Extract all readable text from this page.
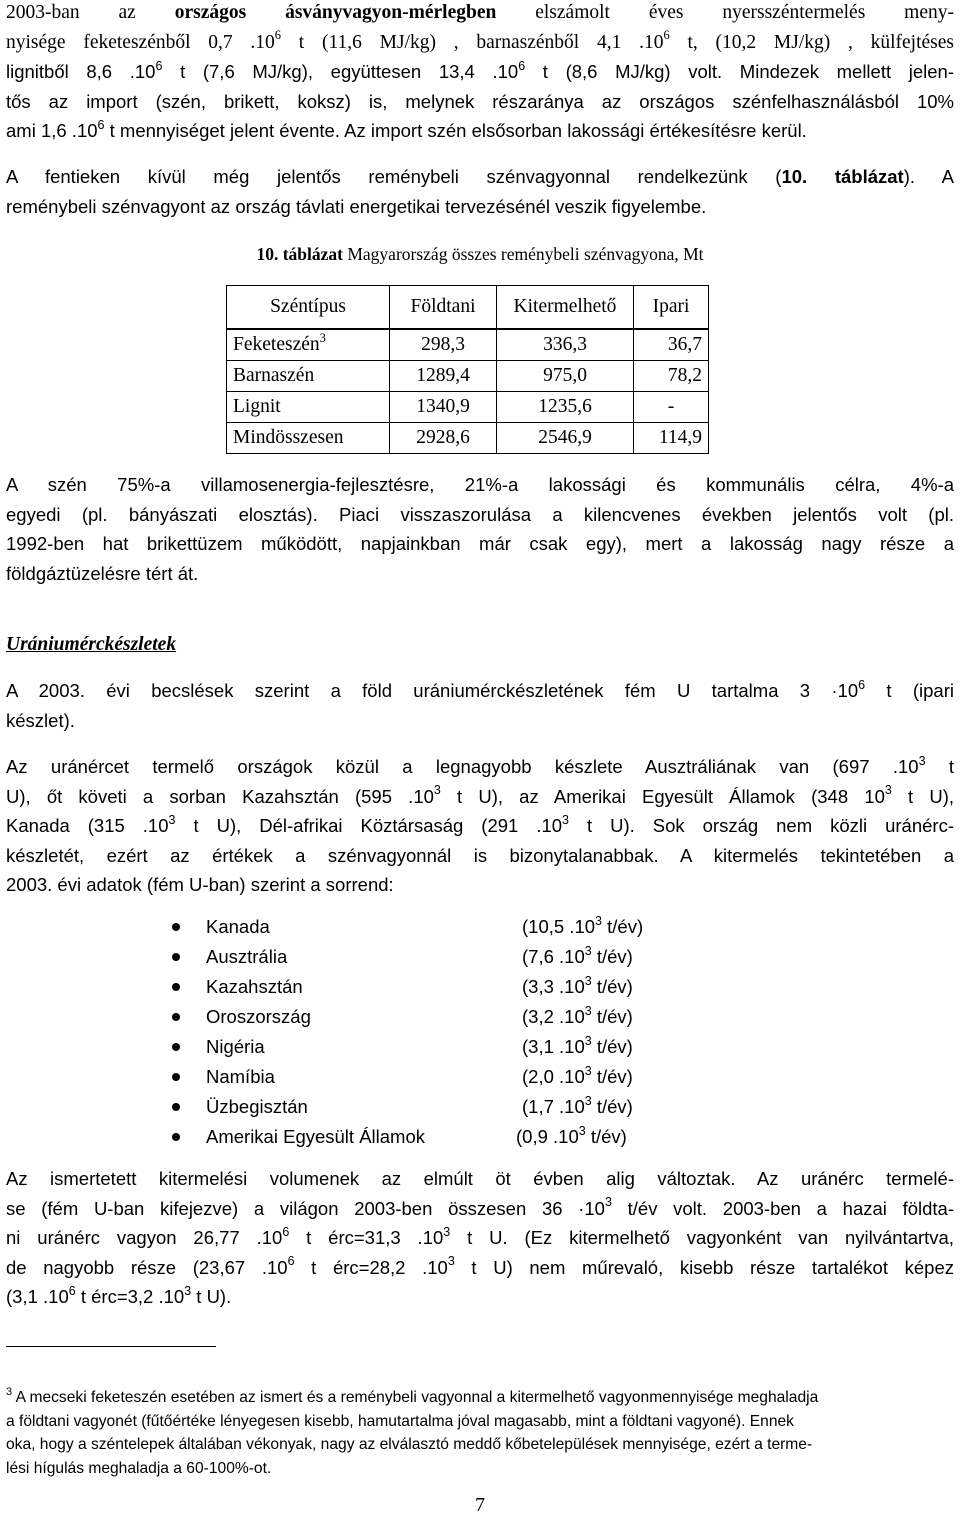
2003-ban az országos ásványvagyon-mérlegben elszámolt éves nyersszéntermelés meny-
nyisége feketeszénből 0,7 $.10^6$ t (11,6 MJ/kg) , barnaszénből 4,1 $.10^6$ t, (10,2 MJ/kg) , külfejtéses
lignitből 8,6 $.10^6$ t (7,6 MJ/kg), együttesen 13,4 $.10^6$ t (8,6 MJ/kg) volt. Mindezek mellett jelen-
tős az import (szén, brikett, koksz) is, melynek részaránya az országos szénfelhasználásból 10%
ami 1,6 $.10^6$ t mennyiséget jelent évente. Az import szén elsősorban lakossági értékesítésre kerül.
A fentieken kívül még jelentős reménybeli szénvagyonnal rendelkezünk (10. táblázat). A
reménybeli szénvagyont az ország távlati energetikai tervezésénél veszik figyelembe.
10. táblázat Magyarország összes reménybeli szénvagyona, Mt
Széntípus	Földtani	Kitermelhető	Ipari
Feketeszén$^3$	298,3	336,3	36,7
Barnaszén	1289,4	975,0	78,2
Lignit	1340,9	1235,6	-
Mindösszesen	2928,6	2546,9	114,9
A szén 75%-a villamosenergia-fejlesztésre, 21%-a lakossági és kommunális célra, 4%-a
egyedi (pl. bányászati elosztás). Piaci visszaszorulása a kilencvenes években jelentős volt (pl.
1992-ben hat brikettüzem működött, napjainkban már csak egy), mert a lakosság nagy része a
földgáztüzelésre tért át.
Urániumérckészletek
A 2003. évi becslések szerint a föld urániumérckészletének fém U tartalma $3 \cdot 10^6$ t (ipari
készlet).
Az uránércet termelő országok közül a legnagyobb készlete Ausztráliának van (697 $.10^3$ t
U), őt követi a sorban Kazahsztán (595 $.10^3$ t U), az Amerikai Egyesült Államok (348 $10^3$ t U),
Kanada (315 $.10^3$ t U), Dél-afrikai Köztársaság (291 $.10^3$ t U). Sok ország nem közli uránérc-
készletét, ezért az értékek a szénvagyonnál is bizonytalanabbak. A kitermelés tekintetében a
2003. évi adatok (fém U-ban) szerint a sorrend:
Kanada	(10,5 $.10^3$ t/év)
Ausztrália	(7,6 $.10^3$ t/év)
Kazahsztán	(3,3 $.10^3$ t/év)
Oroszország	(3,2 $.10^3$ t/év)
Nigéria	(3,1 $.10^3$ t/év)
Namíbia	(2,0 $.10^3$ t/év)
Üzbegisztán	(1,7 $.10^3$ t/év)
Amerikai Egyesült Államok	(0,9 $.10^3$ t/év)
Az ismertetett kitermelési volumenek az elmúlt öt évben alig változtak. Az uránérc termelé-
se (fém U-ban kifejezve) a világon 2003-ben összesen $36 \cdot 10^3$ t/év volt. 2003-ben a hazai földta-
ni uránérc vagyon 26,77 $.10^6$ t érc=31,3 $.10^3$ t U. (Ez kitermelhető vagyonként van nyilvántartva,
de nagyobb része (23,67 $.10^6$ t érc=28,2 $.10^3$ t U) nem műrevaló, kisebb része tartalékot képez
(3,1 $.10^6$ t érc=3,2 $.10^3$ t U).
$^3$ A mecseki feketeszén esetében az ismert és a reménybeli vagyonnal a kitermelhető vagyonmennyisége meghaladja
a földtani vagyonét (fűtőértéke lényegesen kisebb, hamutartalma jóval magasabb, mint a földtani vagyoné). Ennek
oka, hogy a széntelepek általában vékonyak, nagy az elválasztó meddő kőbetelepülések mennyisége, ezért a terme-
lési hígulás meghaladja a 60-100%-ot.
7
